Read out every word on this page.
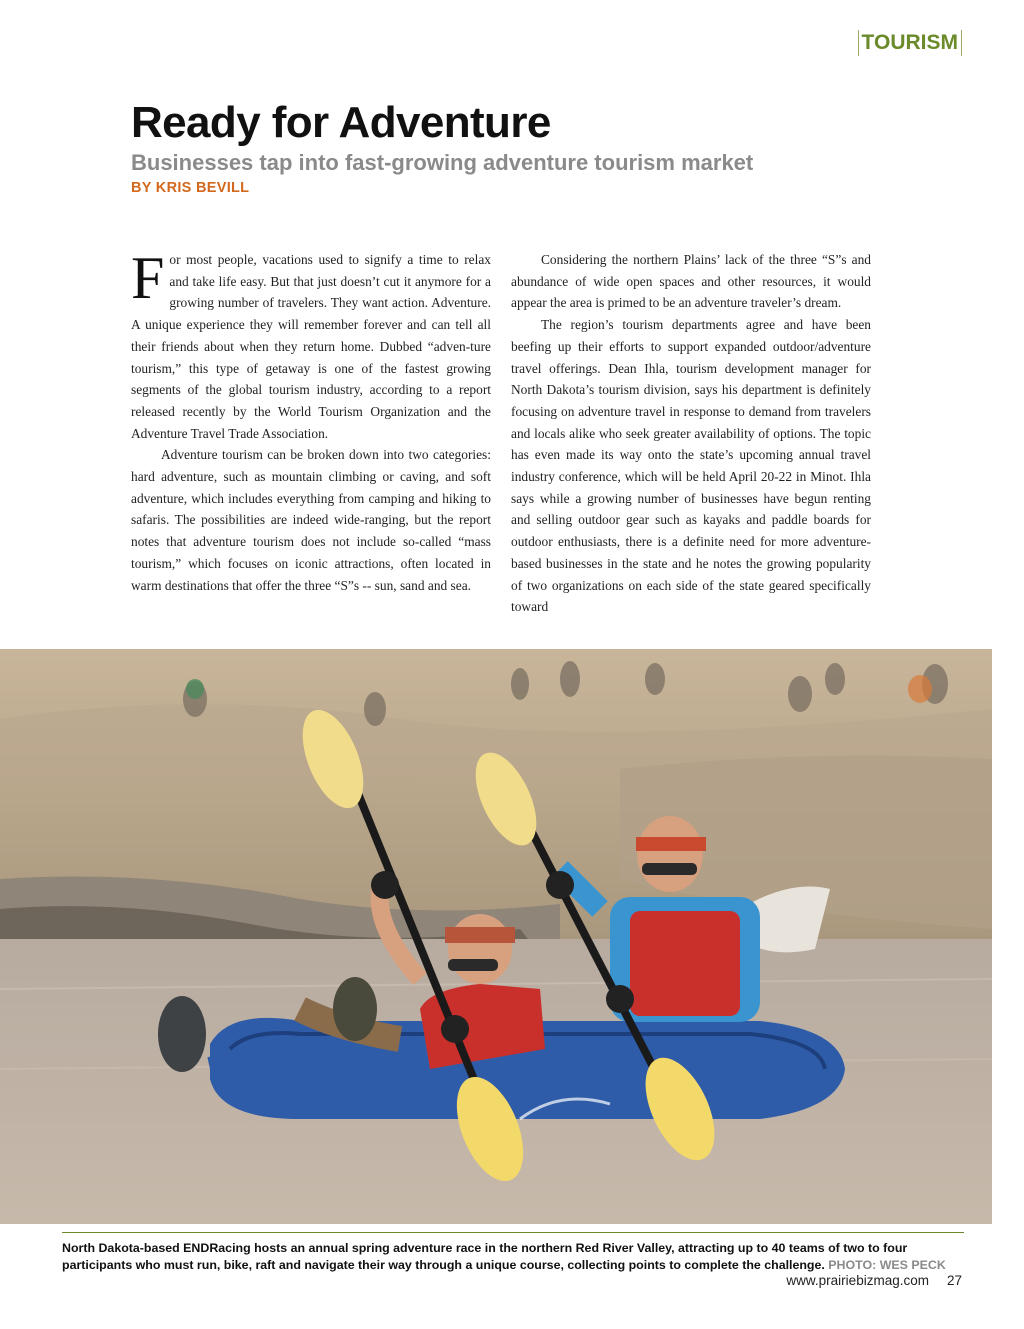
TOURISM
Ready for Adventure
Businesses tap into fast-growing adventure tourism market
BY KRIS BEVILL

For most people, vacations used to signify a time to relax and take life easy. But that just doesn’t cut it anymore for a growing number of travelers. They want action. Adventure. A unique experience they will remember forever and can tell all their friends about when they return home. Dubbed “adven-ture tourism,” this type of getaway is one of the fastest growing segments of the global tourism industry, according to a report released recently by the World Tourism Organization and the Adventure Travel Trade Association.

Adventure tourism can be broken down into two categories: hard adventure, such as mountain climbing or caving, and soft adventure, which includes everything from camping and hiking to safaris. The possibilities are indeed wide-ranging, but the report notes that adventure tourism does not include so-called “mass tourism,” which focuses on iconic attractions, often located in warm destinations that offer the three “S”s -- sun, sand and sea.

Considering the northern Plains’ lack of the three “S”s and abundance of wide open spaces and other resources, it would appear the area is primed to be an adventure traveler’s dream.

The region’s tourism departments agree and have been beefing up their efforts to support expanded outdoor/adventure travel offerings. Dean Ihla, tourism development manager for North Dakota’s tourism division, says his department is definitely focusing on adventure travel in response to demand from travelers and locals alike who seek greater availability of options. The topic has even made its way onto the state’s upcoming annual travel industry conference, which will be held April 20-22 in Minot. Ihla says while a growing number of businesses have begun renting and selling outdoor gear such as kayaks and paddle boards for outdoor enthusiasts, there is a definite need for more adventure-based businesses in the state and he notes the growing popularity of two organizations on each side of the state geared specifically toward

North Dakota-based ENDRacing hosts an annual spring adventure race in the northern Red River Valley, attracting up to 40 teams of two to four participants who must run, bike, raft and navigate their way through a unique course, collecting points to complete the challenge. PHOTO: WES PECK
www.prairiebizmag.com 27
